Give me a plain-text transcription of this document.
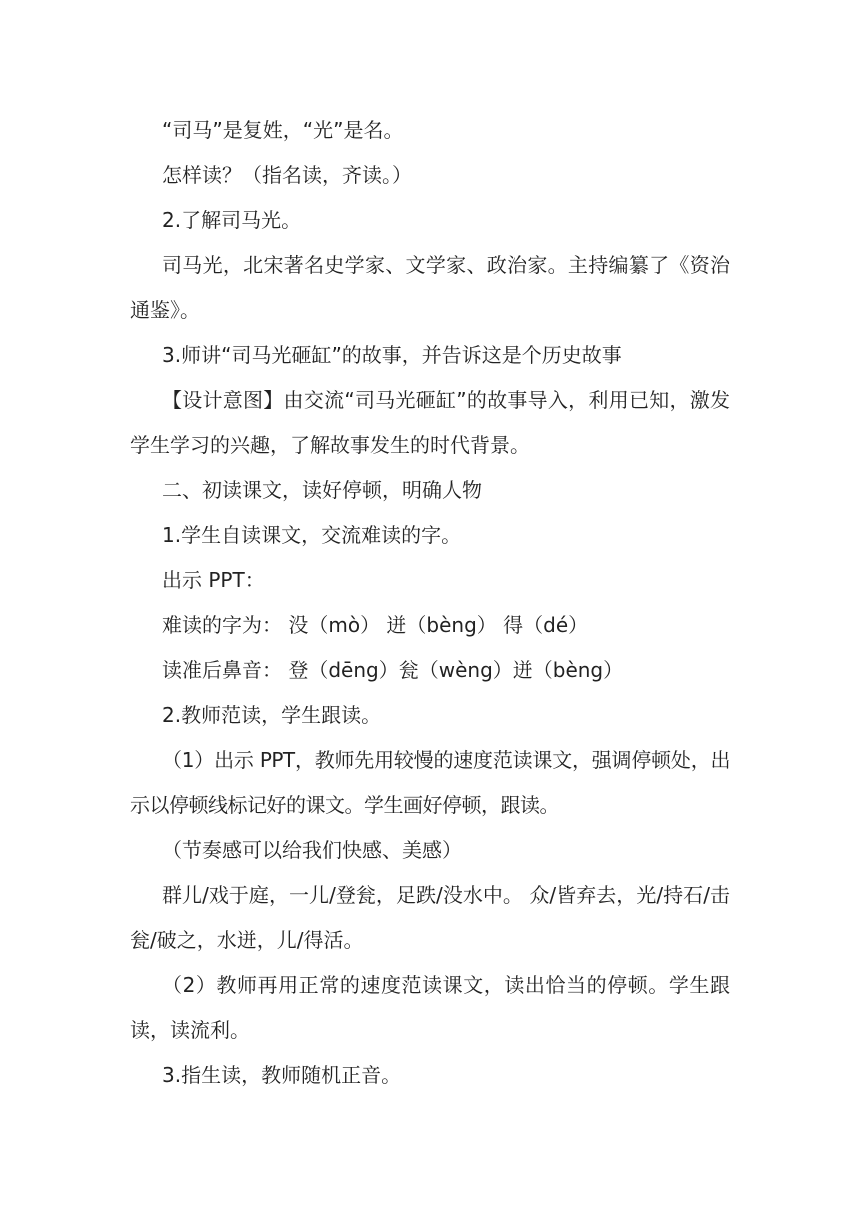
“司马”是复姓，“光”是名。

怎样读？（指名读，齐读。）

2.了解司马光。

司马光，北宋著名史学家、文学家、政治家。主持编纂了《资治通鉴》。

3.师讲“司马光砸缸”的故事，并告诉这是个历史故事

【设计意图】由交流“司马光砸缸”的故事导入，利用已知，激发学生学习的兴趣，了解故事发生的时代背景。

二、初读课文，读好停顿，明确人物

1.学生自读课文，交流难读的字。

出示 PPT：

难读的字为： 没（mò） 迸（bèng） 得（dé）

读准后鼻音： 登（dēng）瓮（wèng）迸（bèng）

2.教师范读，学生跟读。

（1）出示 PPT，教师先用较慢的速度范读课文，强调停顿处，出示以停顿线标记好的课文。学生画好停顿，跟读。

（节奏感可以给我们快感、美感）

群儿/戏于庭，一儿/登瓮，足跌/没水中。 众/皆弃去，光/持石/击瓮/破之，水迸，儿/得活。

（2）教师再用正常的速度范读课文，读出恰当的停顿。学生跟读，读流利。

3.指生读，教师随机正音。
